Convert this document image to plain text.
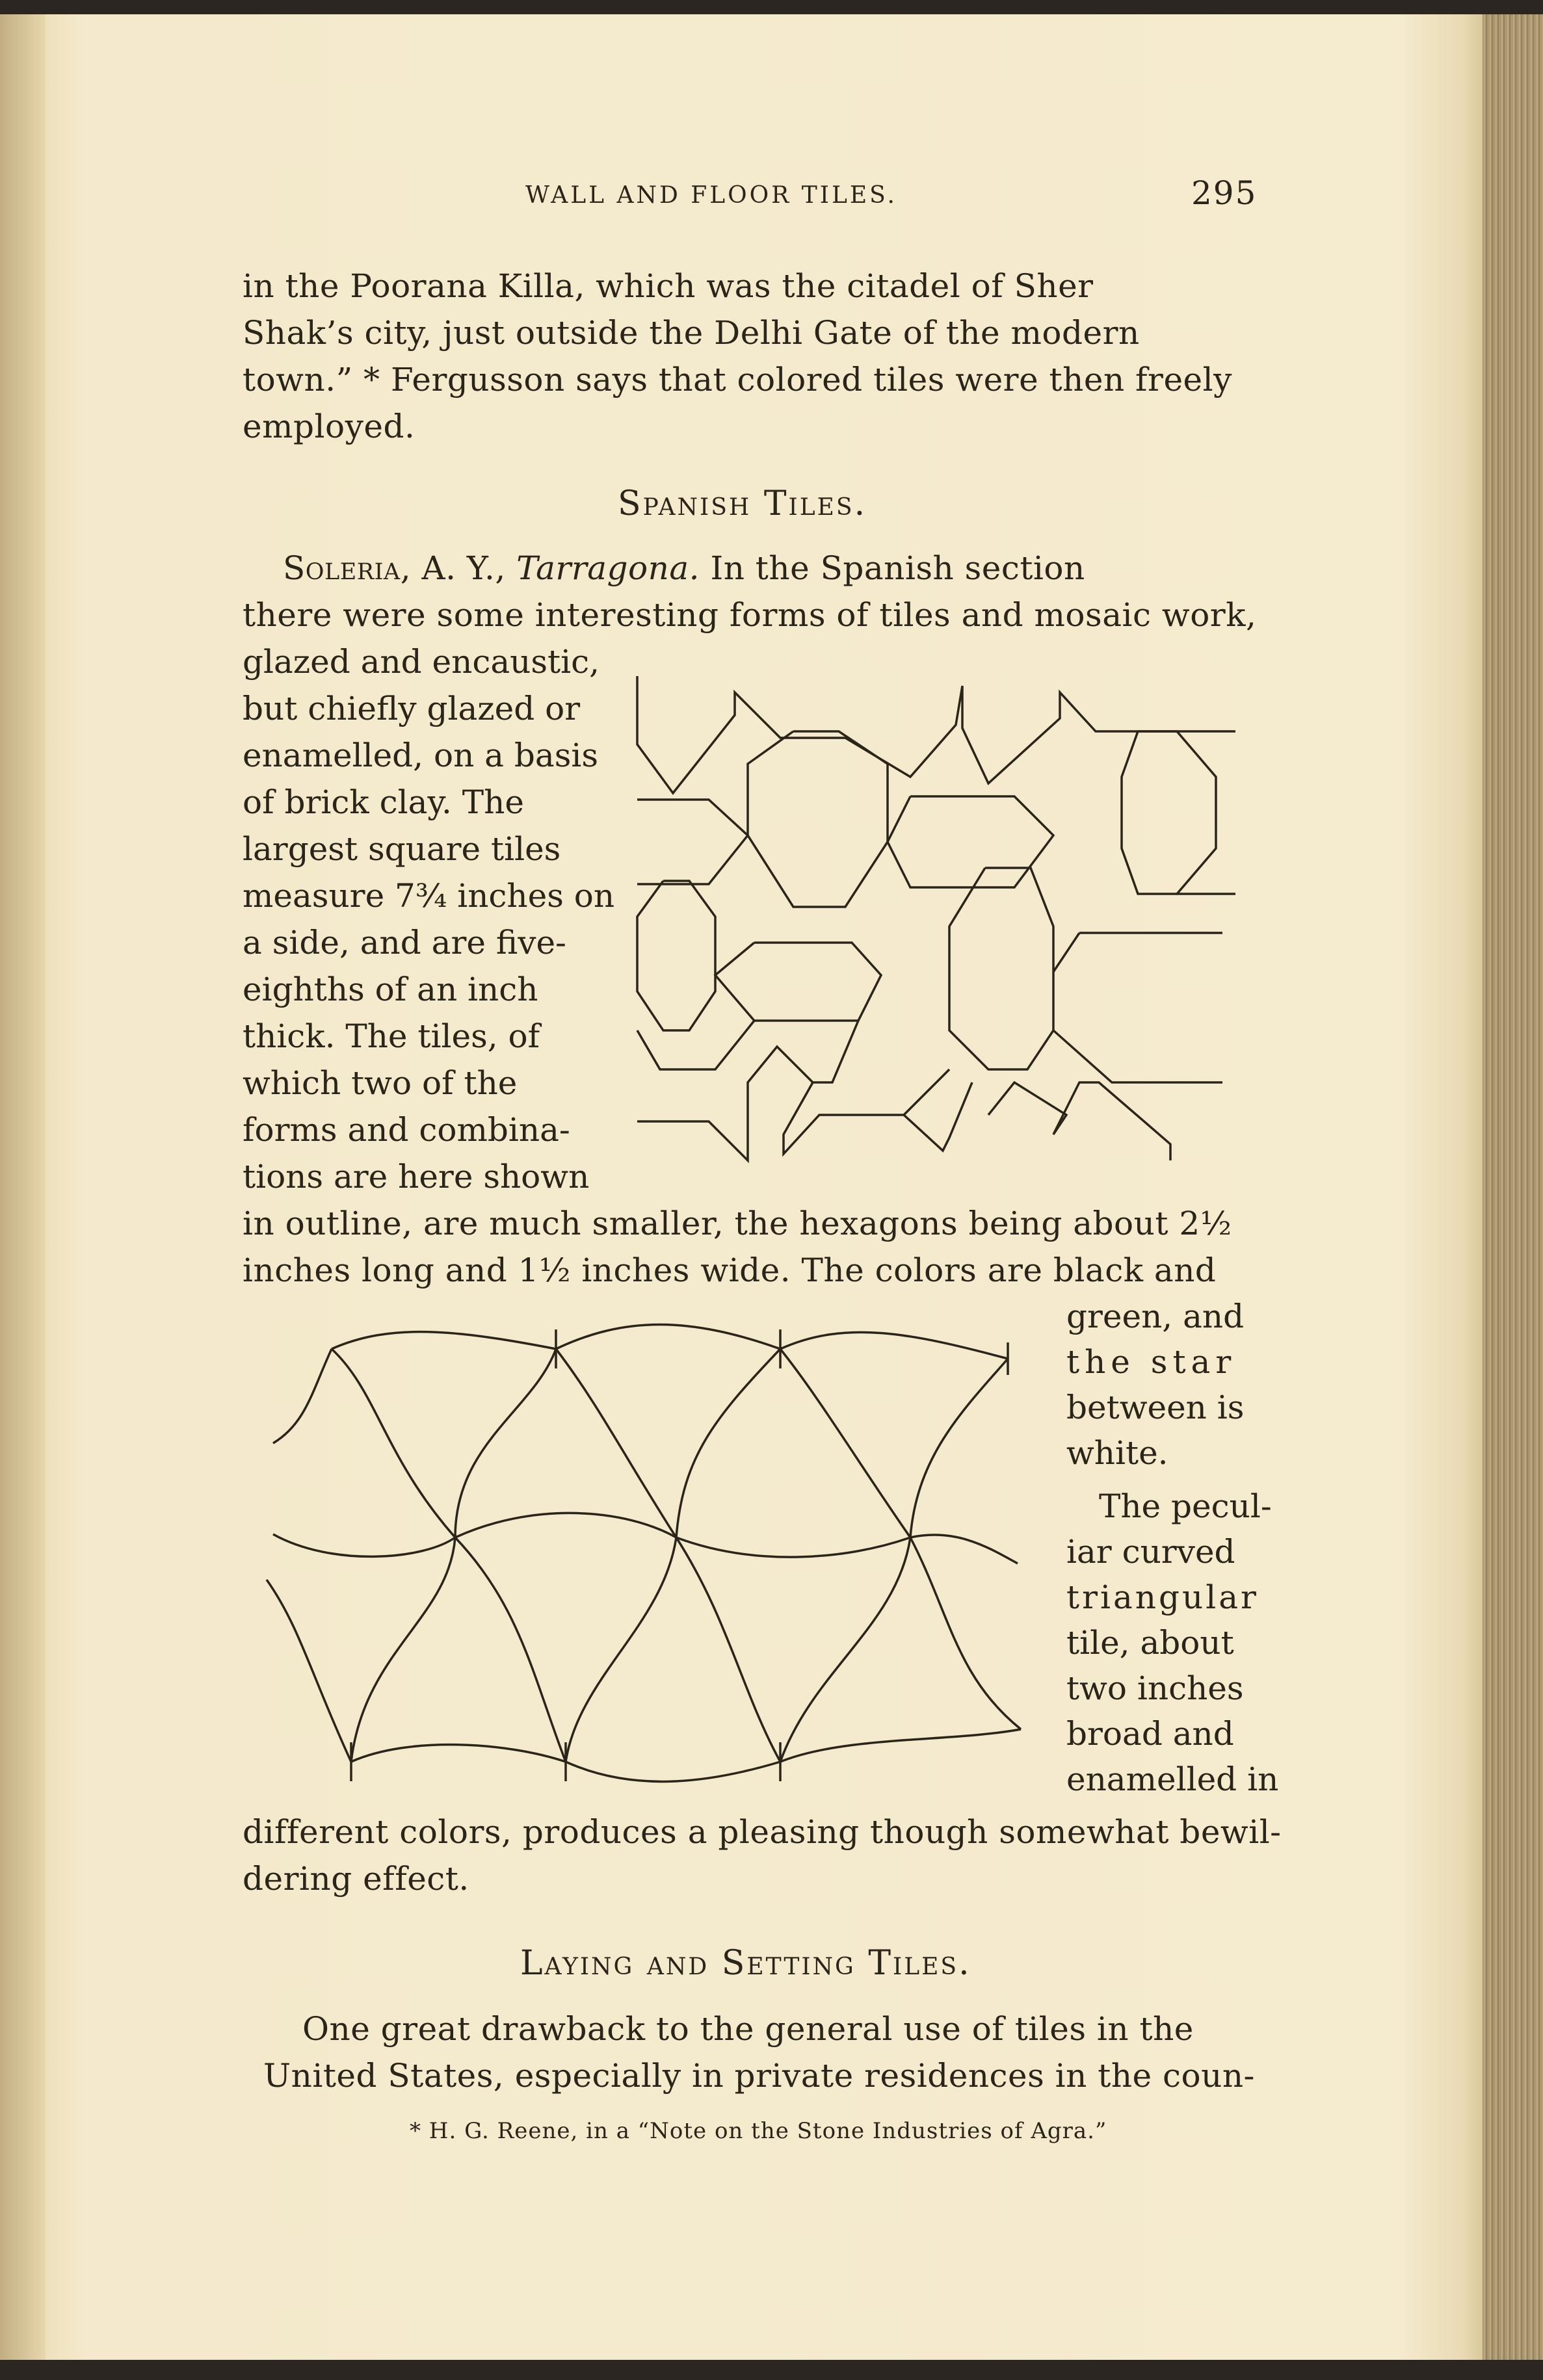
WALL AND FLOOR TILES.	295
in the Poorana Killa, which was the citadel of Sher
Shak’s city, just outside the Delhi Gate of the modern
town.” * Fergusson says that colored tiles were then freely
employed.
Spanish Tiles.
Soleria, A. Y., Tarragona. In the Spanish section
there were some interesting forms of tiles and mosaic work,
glazed and encaustic,
but chiefly glazed or
enamelled, on a basis
of brick clay. The
largest square tiles
measure 7¾ inches on
a side, and are five-
eighths of an inch
thick. The tiles, of
which two of the
forms and combina-
tions are here shown
in outline, are much smaller, the hexagons being about 2½
inches long and 1½ inches wide. The colors are black and
green, and
the star
between is
white.
The pecul-
iar curved
triangular
tile, about
two inches
broad and
enamelled in
different colors, produces a pleasing though somewhat bewil-
dering effect.
Laying and Setting Tiles.
One great drawback to the general use of tiles in the
United States, especially in private residences in the coun-
* H. G. Reene, in a “Note on the Stone Industries of Agra.”
